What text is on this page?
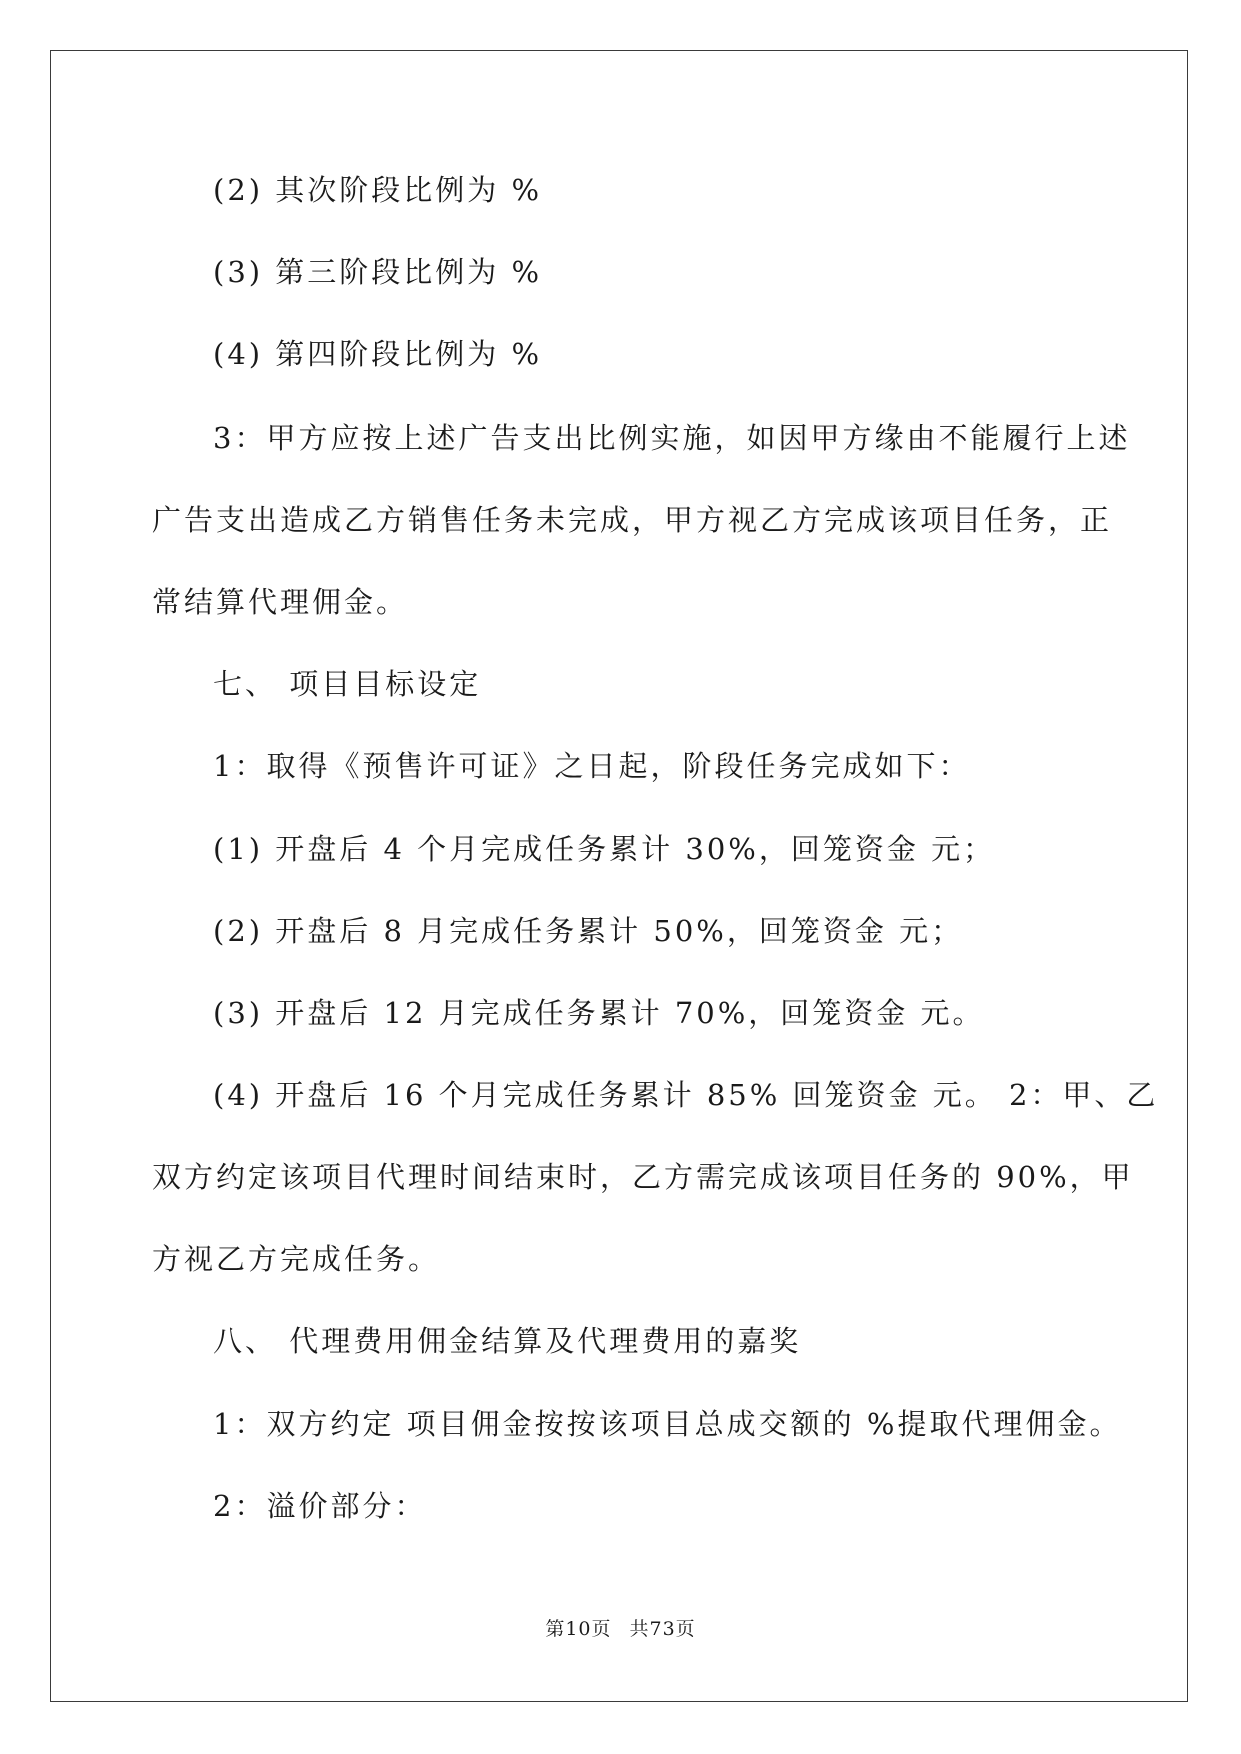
(2) 其次阶段比例为 %
(3) 第三阶段比例为 %
(4) 第四阶段比例为 %
3：甲方应按上述广告支出比例实施，如因甲方缘由不能履行上述
广告支出造成乙方销售任务未完成，甲方视乙方完成该项目任务，正
常结算代理佣金。
七、 项目目标设定
1：取得《预售许可证》之日起，阶段任务完成如下：
(1) 开盘后 4 个月完成任务累计 30%，回笼资金 元；
(2) 开盘后 8 月完成任务累计 50%，回笼资金 元；
(3) 开盘后 12 月完成任务累计 70%，回笼资金 元。
(4) 开盘后 16 个月完成任务累计 85% 回笼资金 元。 2：甲、乙
双方约定该项目代理时间结束时，乙方需完成该项目任务的 90%，甲
方视乙方完成任务。
八、 代理费用佣金结算及代理费用的嘉奖
1：双方约定 项目佣金按按该项目总成交额的 %提取代理佣金。
2：溢价部分：
第10页 共73页
